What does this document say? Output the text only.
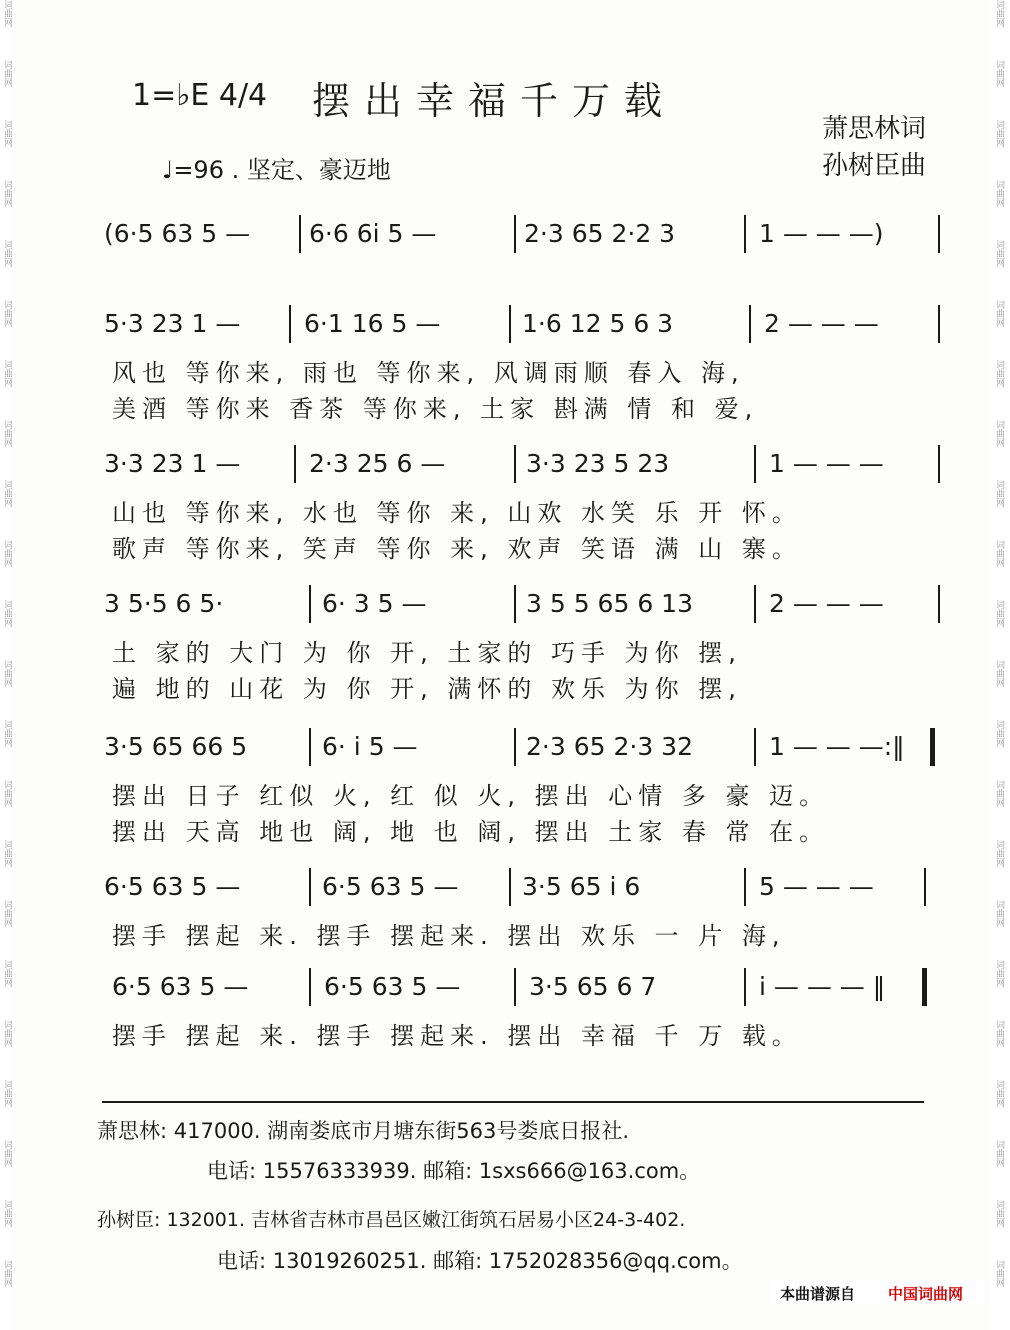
词曲网
词曲网
词曲网
词曲网
词曲网
词曲网
词曲网
词曲网
词曲网
词曲网
词曲网
词曲网
词曲网
词曲网
词曲网
词曲网
词曲网
词曲网
词曲网
词曲网
词曲网
词曲网
词曲网
词曲网
词曲网
词曲网
词曲网
词曲网
词曲网
词曲网
词曲网
词曲网
词曲网
词曲网
词曲网
词曲网
词曲网
词曲网
词曲网
词曲网
词曲网
词曲网
词曲网
词曲网
1=♭E 4/4 摆出幸福千万载
♩=96 . 坚定、豪迈地
萧思林词
孙树臣曲
(6·5 63 5 — 6·6 6i 5 —	2·3 65 2·2 3	1 — — —)
5·3 23 1 —	6·1 16 5 —	1·6 12 5 6 3	2 — — —
风也 等你来, 雨也 等你来, 风调雨顺 春入 海,
美酒 等你来 香茶 等你来, 土家 斟满 情 和 爱,
3·3 23 1 —	2·3 25 6 —	3·3 23 5 23	1 — — —
山也 等你来, 水也 等你 来, 山欢 水笑 乐 开 怀。
歌声 等你来, 笑声 等你 来, 欢声 笑语 满 山 寨。
3 5·5 6 5·	6· 3 5 —	3 5 5 65 6 13	2 — — —
土 家的 大门 为 你 开, 土家的 巧手 为你 摆,
遍 地的 山花 为 你 开, 满怀的 欢乐 为你 摆,
3·5 65 66 5	6· i 5 —	2·3 65 2·3 32	1 — — —:‖
摆出 日子 红似 火, 红 似 火, 摆出 心情 多 豪 迈。
摆出 天高 地也 阔, 地 也 阔, 摆出 土家 春 常 在。
6·5 63 5 —	6·5 63 5 —	3·5 65 i 6	5 — — —
摆手 摆起 来. 摆手 摆起来. 摆出 欢乐 一 片 海,
6·5 63 5 —	6·5 63 5 —	3·5 65 6 7	i — — — ‖
摆手 摆起 来. 摆手 摆起来. 摆出 幸福 千 万 载。
萧思林: 417000. 湖南娄底市月塘东街563号娄底日报社.
电话: 15576333939. 邮箱: 1sxs666@163.com。
孙树臣: 132001. 吉林省吉林市昌邑区嫩江街筑石居易小区24-3-402.
电话: 13019260251. 邮箱: 1752028356@qq.com。
本曲谱源自 中国词曲网
